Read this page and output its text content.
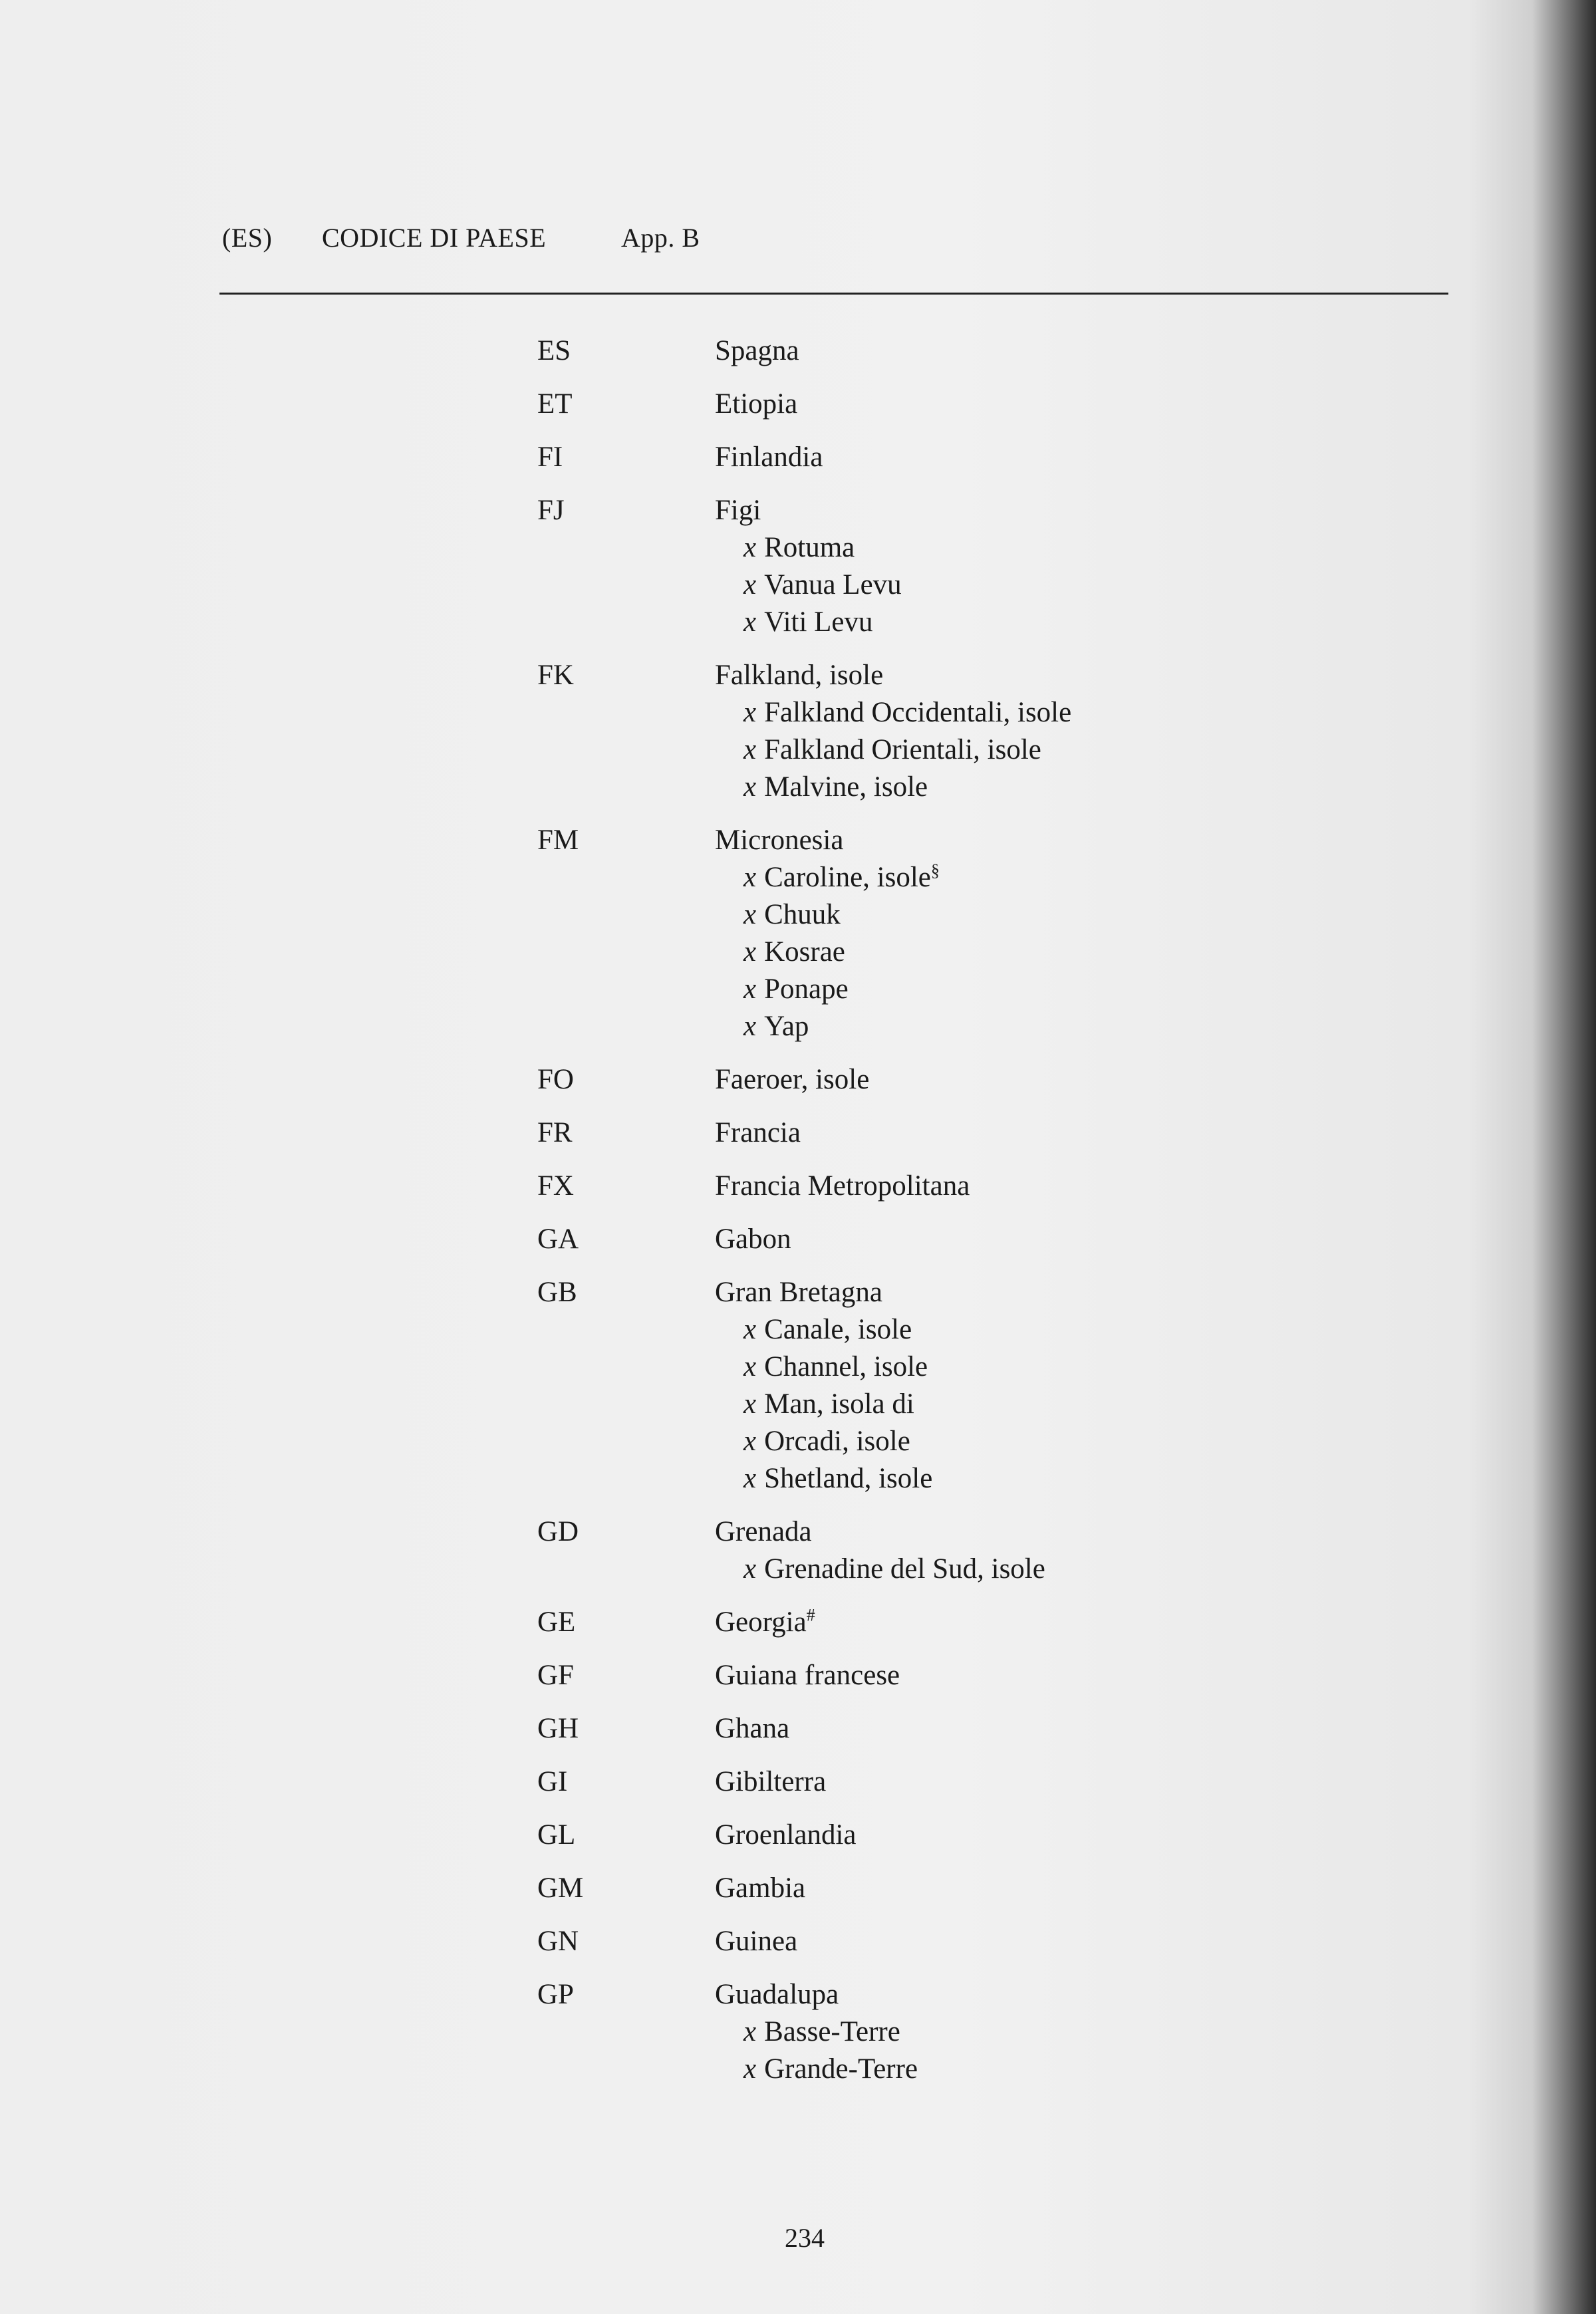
(ES) CODICE DI PAESE	App. B
ES	Spagna
ET	Etiopia
FI	Finlandia
FJ	Figi
x Rotuma
x Vanua Levu
x Viti Levu
FK	Falkland, isole
x Falkland Occidentali, isole
x Falkland Orientali, isole
x Malvine, isole
FM	Micronesia
x Caroline, isole§
x Chuuk
x Kosrae
x Ponape
x Yap
FO	Faeroer, isole
FR	Francia
FX	Francia Metropolitana
GA	Gabon
GB	Gran Bretagna
x Canale, isole
x Channel, isole
x Man, isola di
x Orcadi, isole
x Shetland, isole
GD	Grenada
x Grenadine del Sud, isole
GE	Georgia#
GF	Guiana francese
GH	Ghana
GI	Gibilterra
GL	Groenlandia
GM	Gambia
GN	Guinea
GP	Guadalupa
x Basse-Terre
x Grande-Terre
234
